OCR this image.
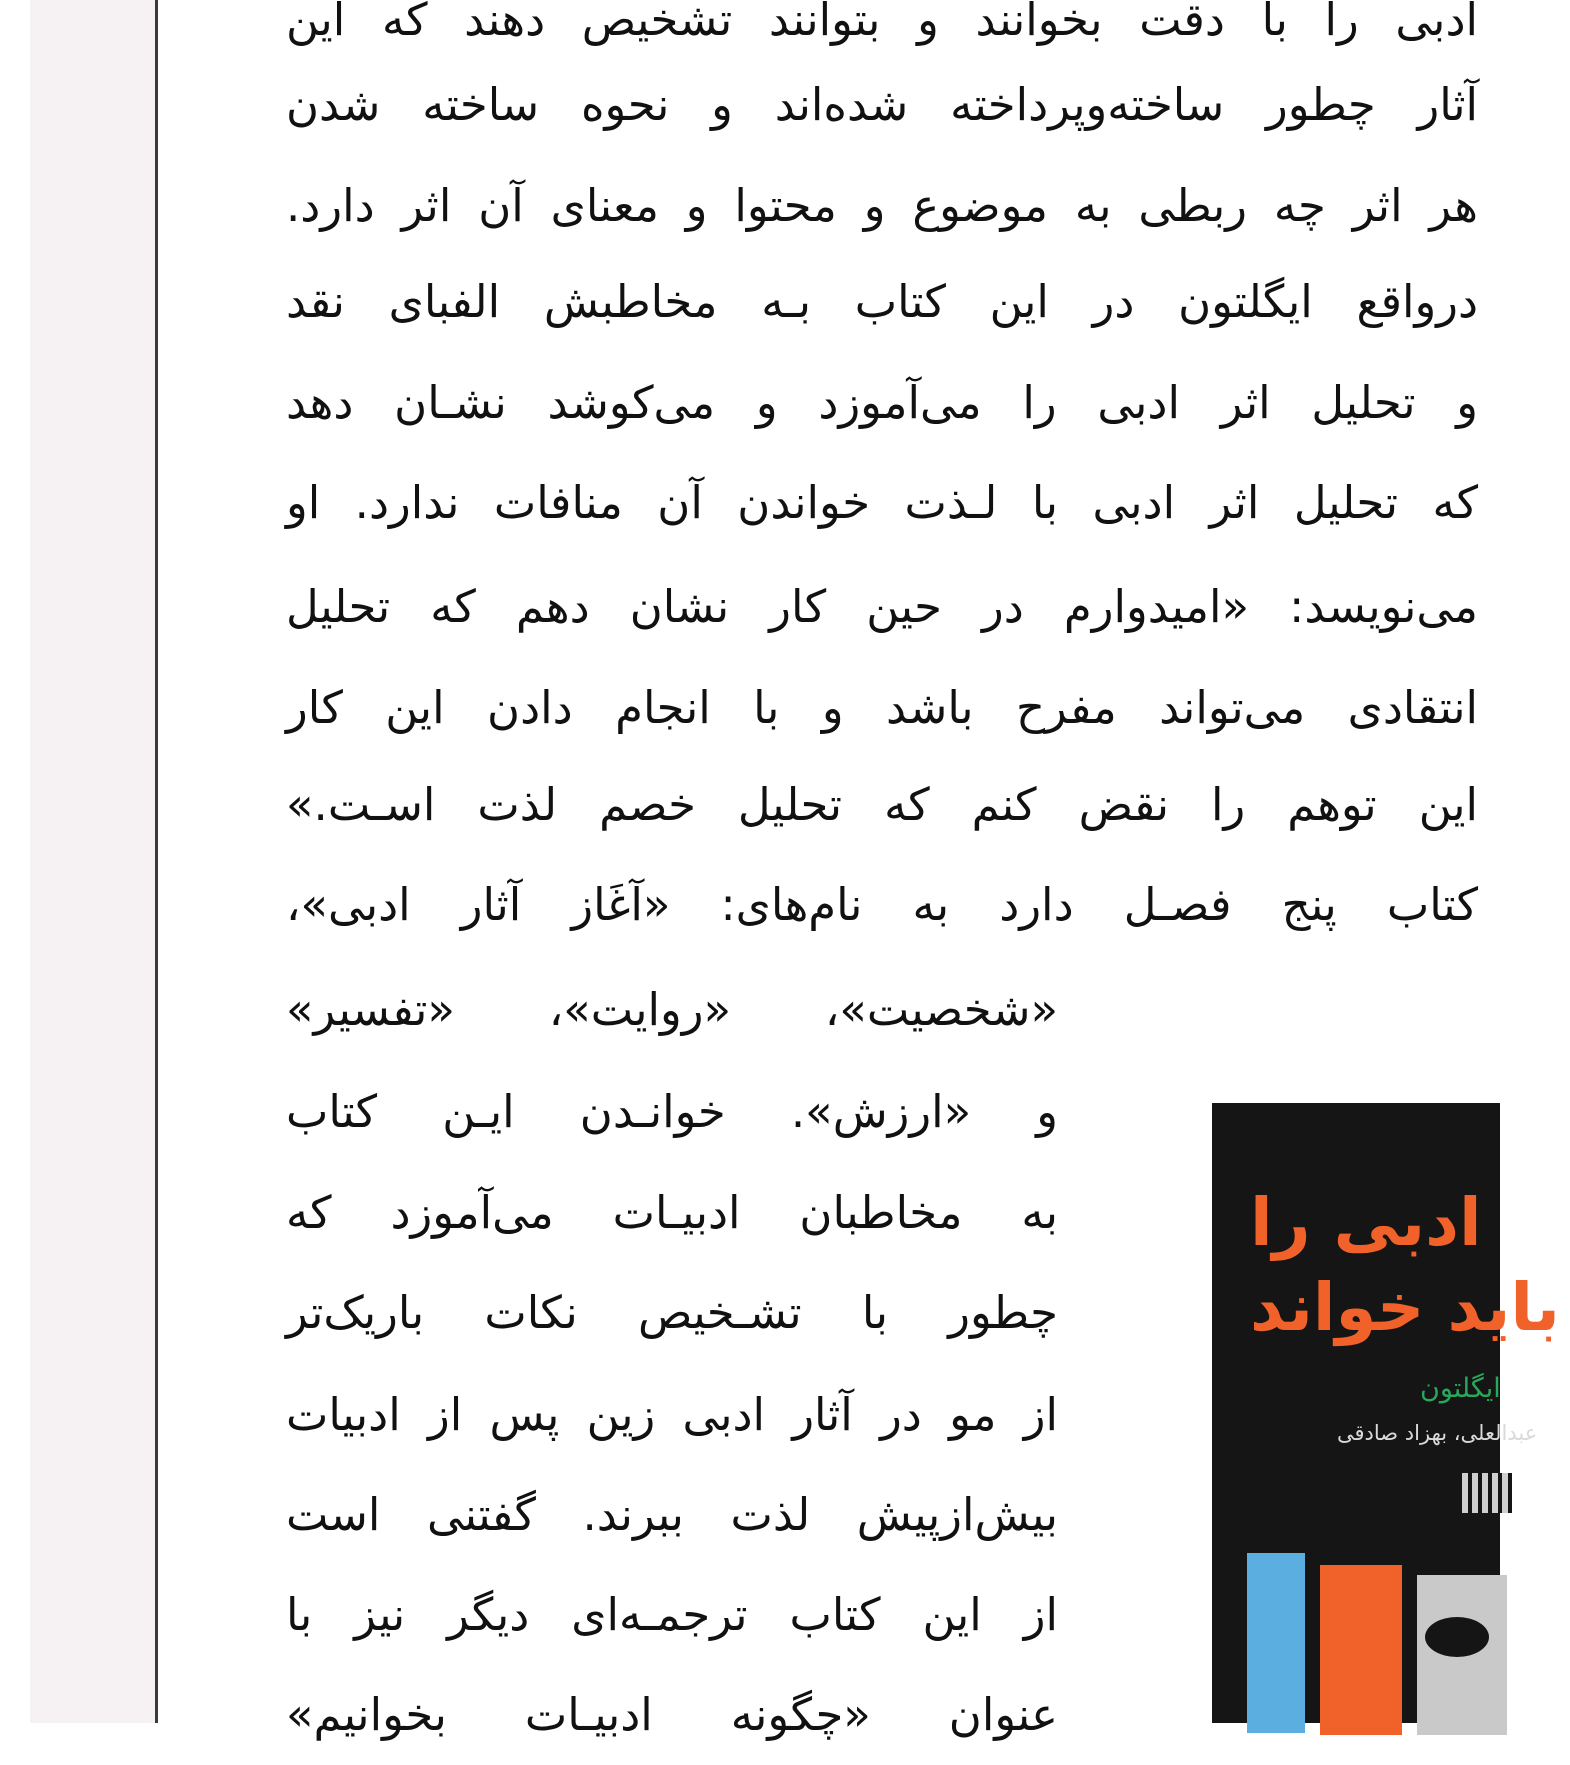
ادبی را با دقت بخوانند و بتوانند تشخیص دهند که این
آثار چطور ساخته‌وپرداخته شده‌اند و نحوه ساخته شدن
هر اثر چه ربطی به موضوع و محتوا و معنای آن اثر دارد.
درواقع ایگلتون در این کتاب بـه مخاطبش الفبای نقد
و تحلیل اثر ادبی را می‌آموزد و می‌کوشد نشـان دهد
که تحلیل اثر ادبی با لـذت خواندن آن منافات ندارد. او
می‌نویسد: «امیدوارم در حین کار نشان دهم که تحلیل
انتقادی می‌تواند مفرح باشد و با انجام دادن این کار
این توهم را نقض کنم که تحلیل خصم لذت اسـت.»
کتاب پنج فصـل دارد به نام‌های: «آغَاز آثار ادبی»،
«شخصیت»، «روایت»، «تفسیر»
و «ارزش». خوانـدن ایـن کتاب
به مخاطبان ادبیـات می‌آموزد که
چطور با تشـخیص نکات باریک‌تر
از مو در آثار ادبی زین پس از ادبیات
بیش‌ازپیش لذت ببرند. گفتنی است
از این کتاب ترجمـه‌ای دیگر نیز با
عنوان «چگونه ادبیـات بخوانیم»
ادبی را
باید خواند
ایگلتون
عبدالعلی، بهزاد صادقی
